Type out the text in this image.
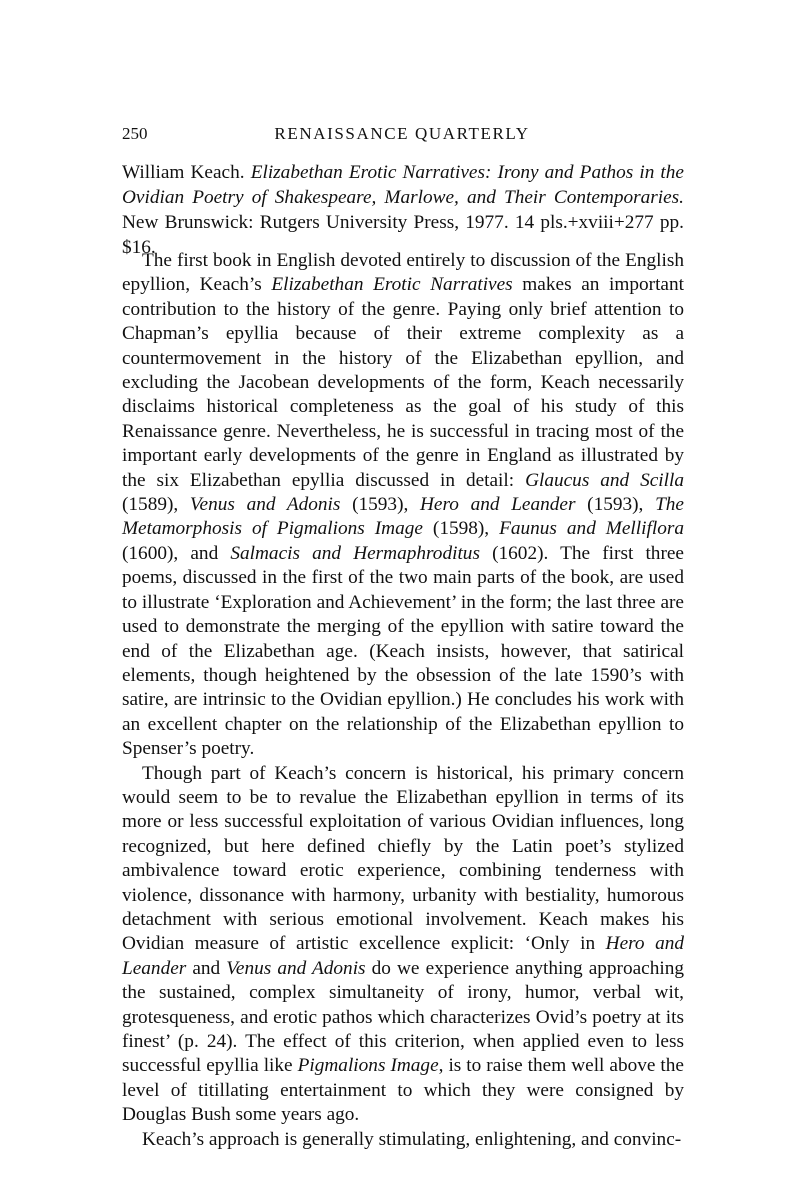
250	RENAISSANCE QUARTERLY
William Keach. Elizabethan Erotic Narratives: Irony and Pathos in the Ovidian Poetry of Shakespeare, Marlowe, and Their Contemporaries. New Brunswick: Rutgers University Press, 1977. 14 pls.+xviii+277 pp. $16.

The first book in English devoted entirely to discussion of the English epyllion, Keach’s Elizabethan Erotic Narratives makes an important contribution to the history of the genre. Paying only brief attention to Chapman’s epyllia because of their extreme complexity as a countermovement in the history of the Elizabethan epyllion, and excluding the Jacobean developments of the form, Keach necessarily disclaims historical completeness as the goal of his study of this Renaissance genre. Nevertheless, he is successful in tracing most of the important early developments of the genre in England as illustrated by the six Elizabethan epyllia discussed in detail: Glaucus and Scilla (1589), Venus and Adonis (1593), Hero and Leander (1593), The Metamorphosis of Pigmalions Image (1598), Faunus and Melliflora (1600), and Salmacis and Hermaphroditus (1602). The first three poems, discussed in the first of the two main parts of the book, are used to illustrate ‘Exploration and Achievement’ in the form; the last three are used to demonstrate the merging of the epyllion with satire toward the end of the Elizabethan age. (Keach insists, however, that satirical elements, though heightened by the obsession of the late 1590’s with satire, are intrinsic to the Ovidian epyllion.) He concludes his work with an excellent chapter on the relationship of the Elizabethan epyllion to Spenser’s poetry.

Though part of Keach’s concern is historical, his primary concern would seem to be to revalue the Elizabethan epyllion in terms of its more or less successful exploitation of various Ovidian influences, long recognized, but here defined chiefly by the Latin poet’s stylized ambivalence toward erotic experience, combining tenderness with violence, dissonance with harmony, urbanity with bestiality, humorous detachment with serious emotional involvement. Keach makes his Ovidian measure of artistic excellence explicit: ‘Only in Hero and Leander and Venus and Adonis do we experience anything approaching the sustained, complex simultaneity of irony, humor, verbal wit, grotesqueness, and erotic pathos which characterizes Ovid’s poetry at its finest’ (p. 24). The effect of this criterion, when applied even to less successful epyllia like Pigmalions Image, is to raise them well above the level of titillating entertainment to which they were consigned by Douglas Bush some years ago.

Keach’s approach is generally stimulating, enlightening, and convinc-
